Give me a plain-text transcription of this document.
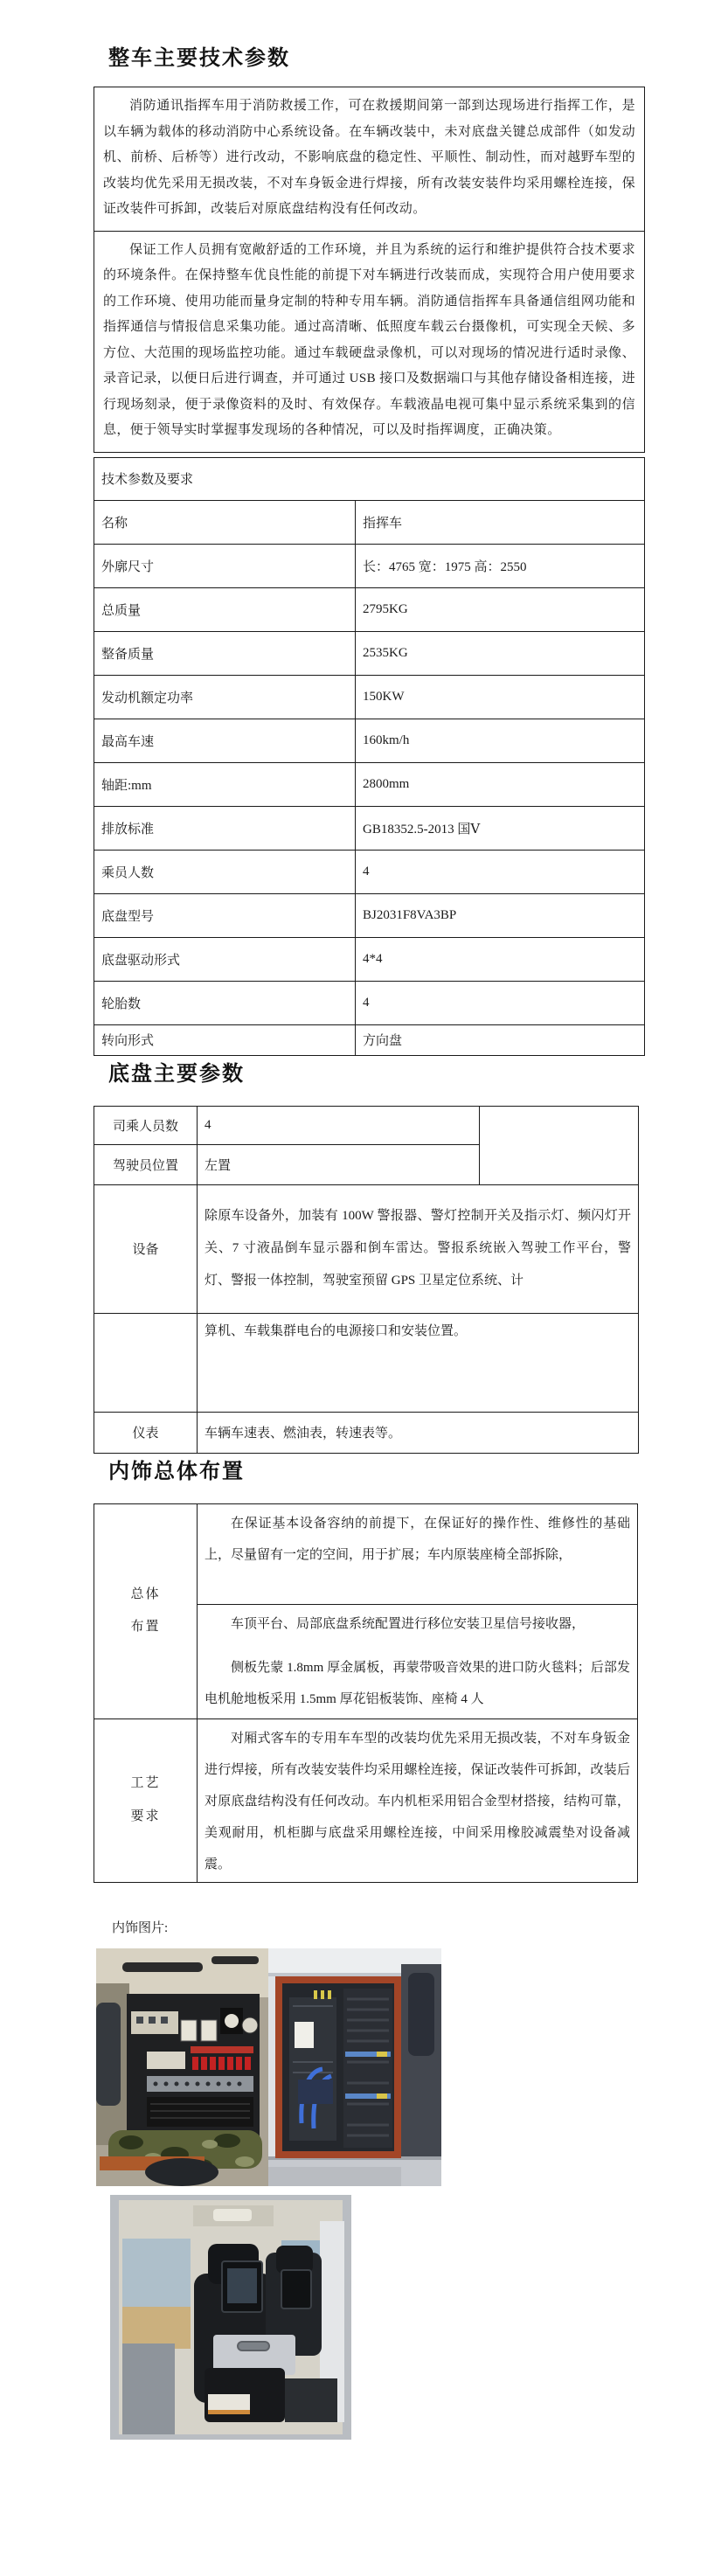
整车主要技术参数

消防通讯指挥车用于消防救援工作，可在救援期间第一部到达现场进行指挥工作，是以车辆为载体的移动消防中心系统设备。在车辆改装中，未对底盘关键总成部件（如发动机、前桥、后桥等）进行改动，不影响底盘的稳定性、平顺性、制动性，而对越野车型的改装均优先采用无损改装，不对车身钣金进行焊接，所有改装安装件均采用螺栓连接，保证改装件可拆卸，改装后对原底盘结构没有任何改动。

保证工作人员拥有宽敞舒适的工作环境，并且为系统的运行和维护提供符合技术要求的环境条件。在保持整车优良性能的前提下对车辆进行改装而成，实现符合用户使用要求的工作环境、使用功能而量身定制的特种专用车辆。消防通信指挥车具备通信组网功能和指挥通信与情报信息采集功能。通过高清晰、低照度车载云台摄像机，可实现全天候、多方位、大范围的现场监控功能。通过车载硬盘录像机，可以对现场的情况进行适时录像、录音记录，以便日后进行调查，并可通过 USB 接口及数据端口与其他存储设备相连接，进行现场刻录，便于录像资料的及时、有效保存。车载液晶电视可集中显示系统采集到的信息，便于领导实时掌握事发现场的各种情况，可以及时指挥调度，正确决策。

技术参数及要求	
名称	指挥车
外廓尺寸	长：4765 宽：1975 高：2550
总质量	2795KG
整备质量	2535KG
发动机额定功率	150KW
最高车速	160km/h
轴距:mm	2800mm
排放标准	GB18352.5-2013 国Ⅴ
乘员人数	4
底盘型号	BJ2031F8VA3BP
底盘驱动形式	4*4
轮胎数	4
转向形式	方向盘
底盘主要参数
司乘人员数	4	
驾驶员位置	左置	
设备	除原车设备外，加装有 100W 警报器、警灯控制开关及指示灯、频闪灯开关、7 寸液晶倒车显示器和倒车雷达。警报系统嵌入驾驶工作平台，警灯、警报一体控制，驾驶室预留 GPS 卫星定位系统、计	
	算机、车载集群电台的电源接口和安装位置。	
仪表	车辆车速表、燃油表，转速表等。	
内饰总体布置
总体布置	在保证基本设备容纳的前提下，在保证好的操作性、维修性的基础上，尽量留有一定的空间，用于扩展；车内原装座椅全部拆除，

	车顶平台、局部底盘系统配置进行移位安装卫星信号接收器，

侧板先蒙 1.8mm 厚金属板，再蒙带吸音效果的进口防火毯料；后部发电机舱地板采用 1.5mm 厚花铝板装饰、座椅 4 人

工艺要求	对厢式客车的专用车车型的改装均优先采用无损改装，不对车身钣金进行焊接，所有改装安装件均采用螺栓连接，保证改装件可拆卸，改装后对原底盘结构没有任何改动。车内机柜采用铝合金型材搭接，结构可靠，美观耐用，机柜脚与底盘采用螺栓连接，中间采用橡胶减震垫对设备减震。

内饰图片:
